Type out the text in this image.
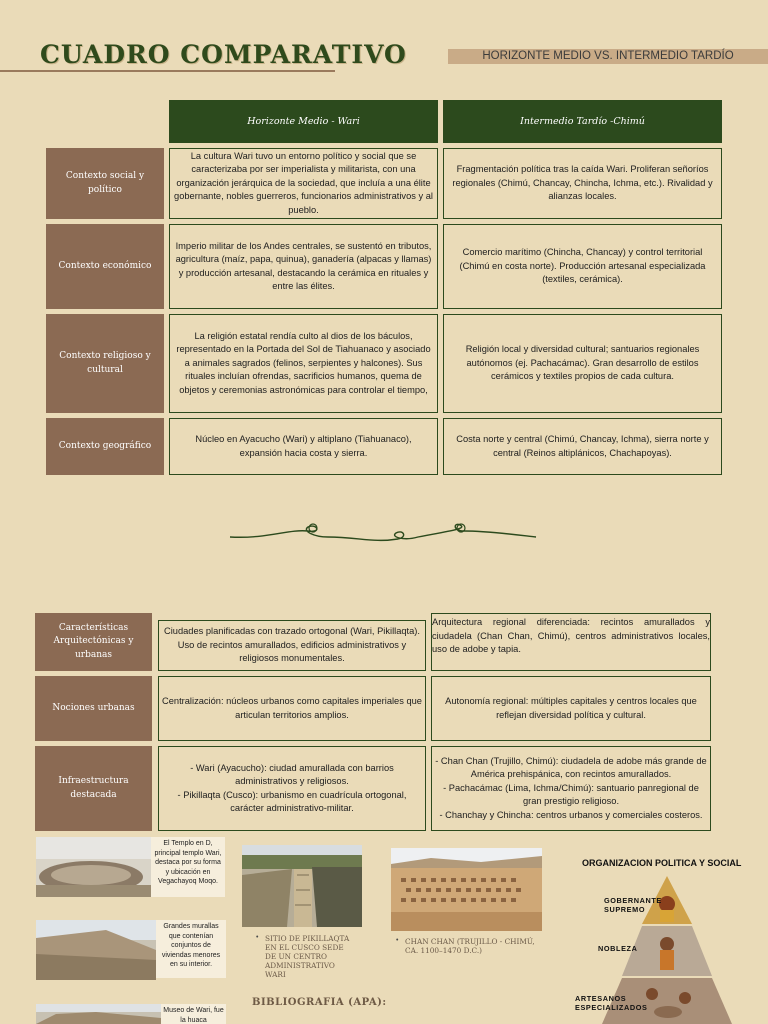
CUADRO COMPARATIVO	HORIZONTE MEDIO VS. INTERMEDIO TARDÍO
Horizonte Medio - Wari	Intermedio Tardío -Chimú
Contexto social y político
La cultura Wari tuvo un entorno político y social que se caracterizaba por ser imperialista y militarista, con una organización jerárquica de la sociedad, que incluía a una élite gobernante, nobles guerreros, funcionarios administrativos y al pueblo.
Fragmentación política tras la caída Wari. Proliferan señoríos regionales (Chimú, Chancay, Chincha, Ichma, etc.). Rivalidad y alianzas locales.
Contexto económico
Imperio militar de los Andes centrales, se sustentó en tributos, agricultura (maíz, papa, quinua), ganadería (alpacas y llamas) y producción artesanal, destacando la cerámica en rituales y entre las élites.
Comercio marítimo (Chincha, Chancay) y control territorial (Chimú en costa norte). Producción artesanal especializada (textiles, cerámica).
Contexto religioso y cultural
La religión estatal rendía culto al dios de los báculos, representado en la Portada del Sol de Tiahuanaco y asociado a animales sagrados (felinos, serpientes y halcones). Sus rituales incluían ofrendas, sacrificios humanos, quema de objetos y ceremonias astronómicas para controlar el tiempo,
Religión local y diversidad cultural; santuarios regionales autónomos (ej. Pachacámac). Gran desarrollo de estilos cerámicos y textiles propios de cada cultura.
Contexto geográfico
Núcleo en Ayacucho (Wari) y altiplano (Tiahuanaco), expansión hacia costa y sierra.
Costa norte y central (Chimú, Chancay, Ichma), sierra norte y central (Reinos altiplánicos, Chachapoyas).
Características Arquitectónicas y urbanas
Ciudades planificadas con trazado ortogonal (Wari, Pikillaqta). Uso de recintos amurallados, edificios administrativos y religiosos monumentales.
Arquitectura regional diferenciada: recintos amurallados y ciudadela (Chan Chan, Chimú), centros administrativos locales, uso de adobe y tapia.
Nociones urbanas
Centralización: núcleos urbanos como capitales imperiales que articulan territorios amplios.
Autonomía regional: múltiples capitales y centros locales que reflejan diversidad política y cultural.
Infraestructura destacada
- Wari (Ayacucho): ciudad amurallada con barrios administrativos y religiosos.
- Pikillaqta (Cusco): urbanismo en cuadrícula ortogonal, carácter administrativo-militar.
- Chan Chan (Trujillo, Chimú): ciudadela de adobe más grande de América prehispánica, con recintos amurallados.
- Pachacámac (Lima, Ichma/Chimú): santuario panregional de gran prestigio religioso.
- Chanchay y Chincha: centros urbanos y comerciales costeros.
El Templo en D, principal templo Wari, destaca por su forma y ubicación en Vegachayoq Moqo.
Grandes murallas que contenían conjuntos de viviendas menores en su interior.
Museo de Wari, fue la huaca
• SITIO DE PIKILLAQTA EN EL CUSCO SEDE DE UN CENTRO ADMINISTRATIVO WARI
• CHAN CHAN (TRUJILLO - CHIMÚ, CA. 1100–1470 D.C.)
BIBLIOGRAFIA (APA):
ORGANIZACION POLITICA Y SOCIAL
GOBERNANTE SUPREMO
NOBLEZA
ARTESANOS ESPECIALIZADOS
